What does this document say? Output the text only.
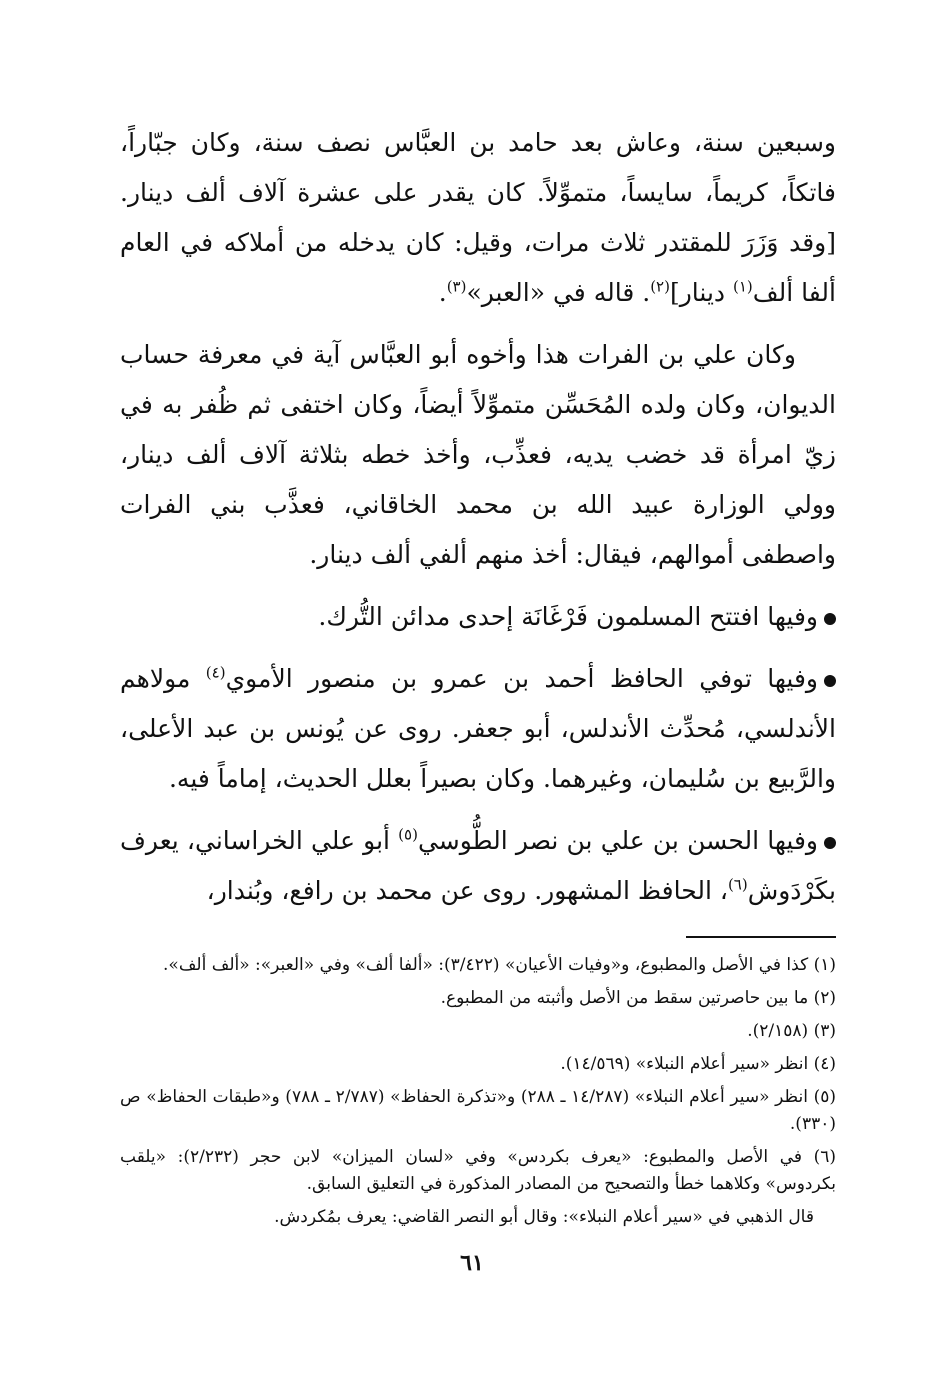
وسبعين سنة، وعاش بعد حامد بن العبَّاس نصف سنة، وكان جبّاراً، فاتكاً، كريماً، سايساً، متموِّلاً. كان يقدر على عشرة آلاف ألف دينار. [وقد وَزَرَ للمقتدر ثلاث مرات، وقيل: كان يدخله من أملاكه في العام ألفا ألف$^{(١)}$ دينار]$^{(٢)}$. قاله في «العبر»$^{(٣)}$.

وكان علي بن الفرات هذا وأخوه أبو العبَّاس آية في معرفة حساب الديوان، وكان ولده المُحَسِّن متموِّلاً أيضاً، وكان اختفى ثم ظُفر به في زيّ امرأة قد خضب يديه، فعذِّب، وأخذ خطه بثلاثة آلاف ألف دينار، وولي الوزارة عبيد الله بن محمد الخاقاني، فعذَّب بني الفرات واصطفى أموالهم، فيقال: أخذ منهم ألفي ألف دينار.

وفيها افتتح المسلمون فَرْغَانَة إحدى مدائن التُّرك.

وفيها توفي الحافظ أحمد بن عمرو بن منصور الأموي$^{(٤)}$ مولاهم الأندلسي، مُحدِّث الأندلس، أبو جعفر. روى عن يُونس بن عبد الأعلى، والرَّبيع بن سُليمان، وغيرهما. وكان بصيراً بعلل الحديث، إماماً فيه.

وفيها الحسن بن علي بن نصر الطُّوسي$^{(٥)}$ أبو علي الخراساني، يعرف بكَرْدَوش$^{(٦)}$، الحافظ المشهور. روى عن محمد بن رافع، وبُندار،

(١) كذا في الأصل والمطبوع، و«وفيات الأعيان» (٣/٤٢٢): «ألفا ألف» وفي «العبر»: «ألف ألف».

(٢) ما بين حاصرتين سقط من الأصل وأثبته من المطبوع.

(٣) (٢/١٥٨).

(٤) انظر «سير أعلام النبلاء» (١٤/٥٦٩).

(٥) انظر «سير أعلام النبلاء» (١٤/٢٨٧ ـ ٢٨٨) و«تذكرة الحفاظ» (٢/٧٨٧ ـ ٧٨٨) و«طبقات الحفاظ» ص (٣٣٠).

(٦) في الأصل والمطبوع: «يعرف بكردس» وفي «لسان الميزان» لابن حجر (٢/٢٣٢): «يلقب بكردوس» وكلاهما خطأ والتصحيح من المصادر المذكورة في التعليق السابق.

قال الذهبي في «سير أعلام النبلاء»: وقال أبو النصر القاضي: يعرف بمُكردش.

٦١
